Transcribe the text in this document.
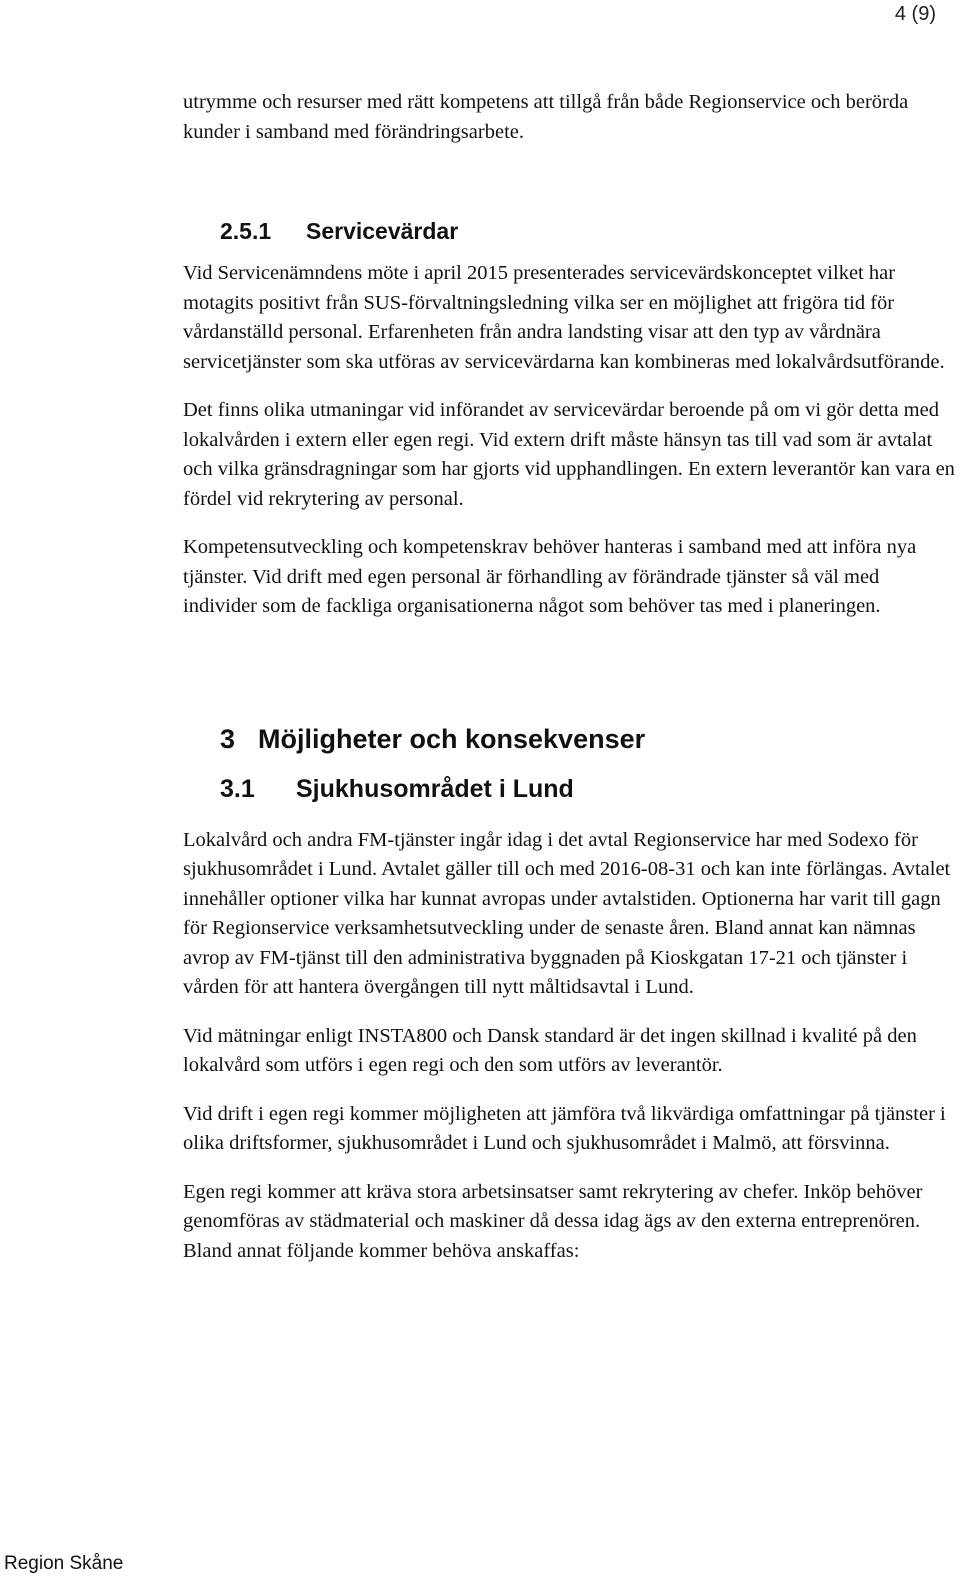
4 (9)

utrymme och resurser med rätt kompetens att tillgå från både Regionservice och berörda kunder i samband med förändringsarbete.

2.5.1 Servicevärdar

Vid Servicenämndens möte i april 2015 presenterades servicevärdskonceptet vilket har motagits positivt från SUS-förvaltningsledning vilka ser en möjlighet att frigöra tid för vårdanställd personal. Erfarenheten från andra landsting visar att den typ av vårdnära servicetjänster som ska utföras av servicevärdarna kan kombineras med lokalvårdsutförande.

Det finns olika utmaningar vid införandet av servicevärdar beroende på om vi gör detta med lokalvården i extern eller egen regi. Vid extern drift måste hänsyn tas till vad som är avtalat och vilka gränsdragningar som har gjorts vid upphandlingen. En extern leverantör kan vara en fördel vid rekrytering av personal.

Kompetensutveckling och kompetenskrav behöver hanteras i samband med att införa nya tjänster. Vid drift med egen personal är förhandling av förändrade tjänster så väl med individer som de fackliga organisationerna något som behöver tas med i planeringen.

3 Möjligheter och konsekvenser
3.1 Sjukhusområdet i Lund

Lokalvård och andra FM-tjänster ingår idag i det avtal Regionservice har med Sodexo för sjukhusområdet i Lund. Avtalet gäller till och med 2016-08-31 och kan inte förlängas. Avtalet innehåller optioner vilka har kunnat avropas under avtalstiden. Optionerna har varit till gagn för Regionservice verksamhetsutveckling under de senaste åren. Bland annat kan nämnas avrop av FM-tjänst till den administrativa byggnaden på Kioskgatan 17-21 och tjänster i vården för att hantera övergången till nytt måltidsavtal i Lund.

Vid mätningar enligt INSTA800 och Dansk standard är det ingen skillnad i kvalité på den lokalvård som utförs i egen regi och den som utförs av leverantör.

Vid drift i egen regi kommer möjligheten att jämföra två likvärdiga omfattningar på tjänster i olika driftsformer, sjukhusområdet i Lund och sjukhusområdet i Malmö, att försvinna.

Egen regi kommer att kräva stora arbetsinsatser samt rekrytering av chefer. Inköp behöver genomföras av städmaterial och maskiner då dessa idag ägs av den externa entreprenören. Bland annat följande kommer behöva anskaffas:

Region Skåne
